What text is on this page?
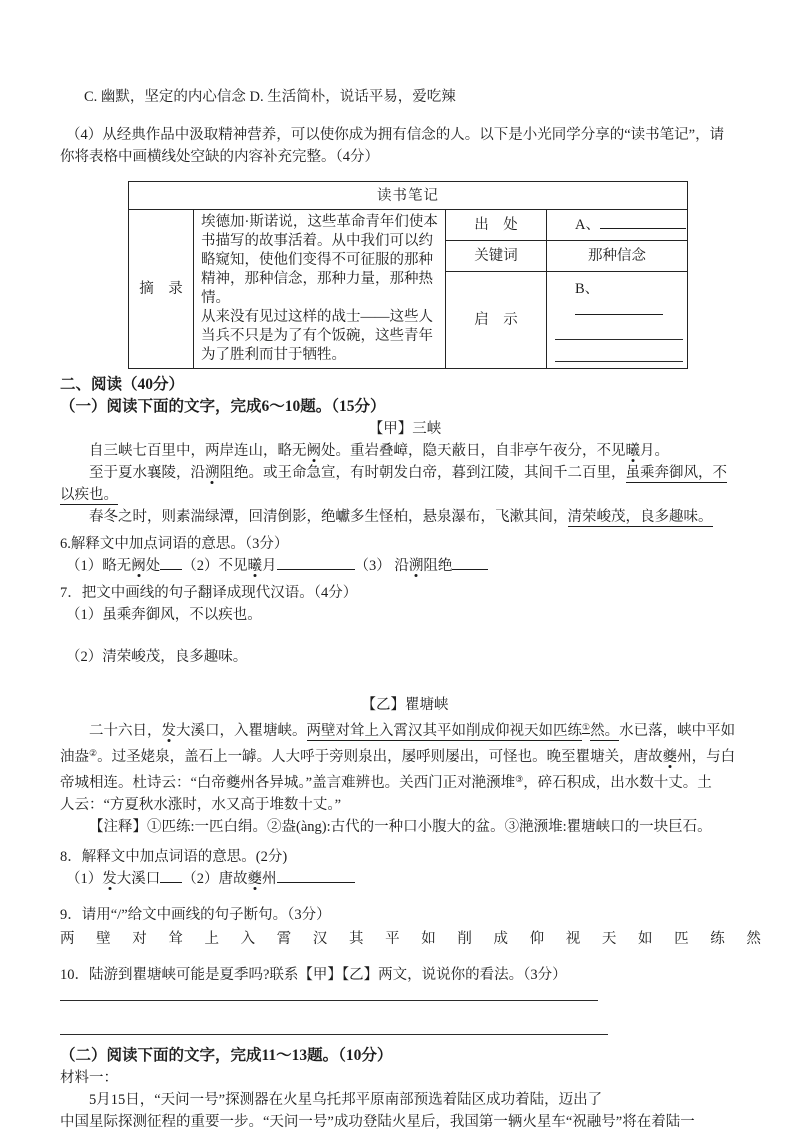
C. 幽默，坚定的内心信念 D. 生活简朴，说话平易，爱吃辣
（4）从经典作品中汲取精神营养，可以使你成为拥有信念的人。以下是小光同学分享的“读书笔记”，请
你将表格中画横线处空缺的内容补充完整。（4分）
读书笔记			
摘　录	埃德加·斯诺说，这些革命青年们使本书描写的故事活着。从中我们可以约略窥知，使他们变得不可征服的那种精神，那种信念，那种力量，那种热情。
从来没有见过这样的战士——这些人当兵不只是为了有个饭碗，这些青年为了胜利而甘于牺牲。	出　处	A、

		关键词	那种信念
		启　示	B、
二、阅读（40分）
（一）阅读下面的文字，完成6～10题。（15分）
【甲】三峡
自三峡七百里中，两岸连山，略无阙处。重岩叠嶂，隐天蔽日，自非亭午夜分，不见曦月。
至于夏水襄陵，沿溯阻绝。或王命急宣，有时朝发白帝，暮到江陵，其间千二百里，虽乘奔御风，不
以疾也。
春冬之时，则素湍绿潭，回清倒影，绝巘多生怪柏，悬泉瀑布，飞漱其间，清荣峻茂，良多趣味。
6.解释文中加点词语的意思。（3分）
（1）略无阙处 （2）不见曦月	（3） 沿溯阻绝
7．把文中画线的句子翻译成现代汉语。（4分）
（1）虽乘奔御风，不以疾也。
（2）清荣峻茂，良多趣味。
【乙】瞿塘峡
二十六日，发大溪口，入瞿塘峡。两壁对耸上入霄汉其平如削成仰视天如匹练①然。水已落，峡中平如
油盎②。过圣姥泉，盖石上一罅。人大呼于旁则泉出，屡呼则屡出，可怪也。晚至瞿塘关，唐故夔州，与白
帝城相连。杜诗云：“白帝夔州各异城。”盖言难辨也。关西门正对滟滪堆③，碎石积成，出水数十丈。土
人云：“方夏秋水涨时，水又高于堆数十丈。”
【注释】①匹练:一匹白绢。②盎(àng):古代的一种口小腹大的盆。③滟滪堆:瞿塘峡口的一块巨石。
8．解释文中加点词语的意思。(2分)
（1）发大溪口 （2）唐故夔州
9．请用“/”给文中画线的句子断句。（3分）
两 壁 对 耸 上 入 霄 汉 其 平 如 削 成 仰 视 天 如 匹 练 然
10．陆游到瞿塘峡可能是夏季吗?联系【甲】【乙】两文，说说你的看法。（3分）
（二）阅读下面的文字，完成11～13题。（10分）
材料一：
5月15日，“天问一号”探测器在火星乌托邦平原南部预选着陆区成功着陆，迈出了
中国星际探测征程的重要一步。“天问一号”成功登陆火星后，我国第一辆火星车“祝融号”将在着陆一
